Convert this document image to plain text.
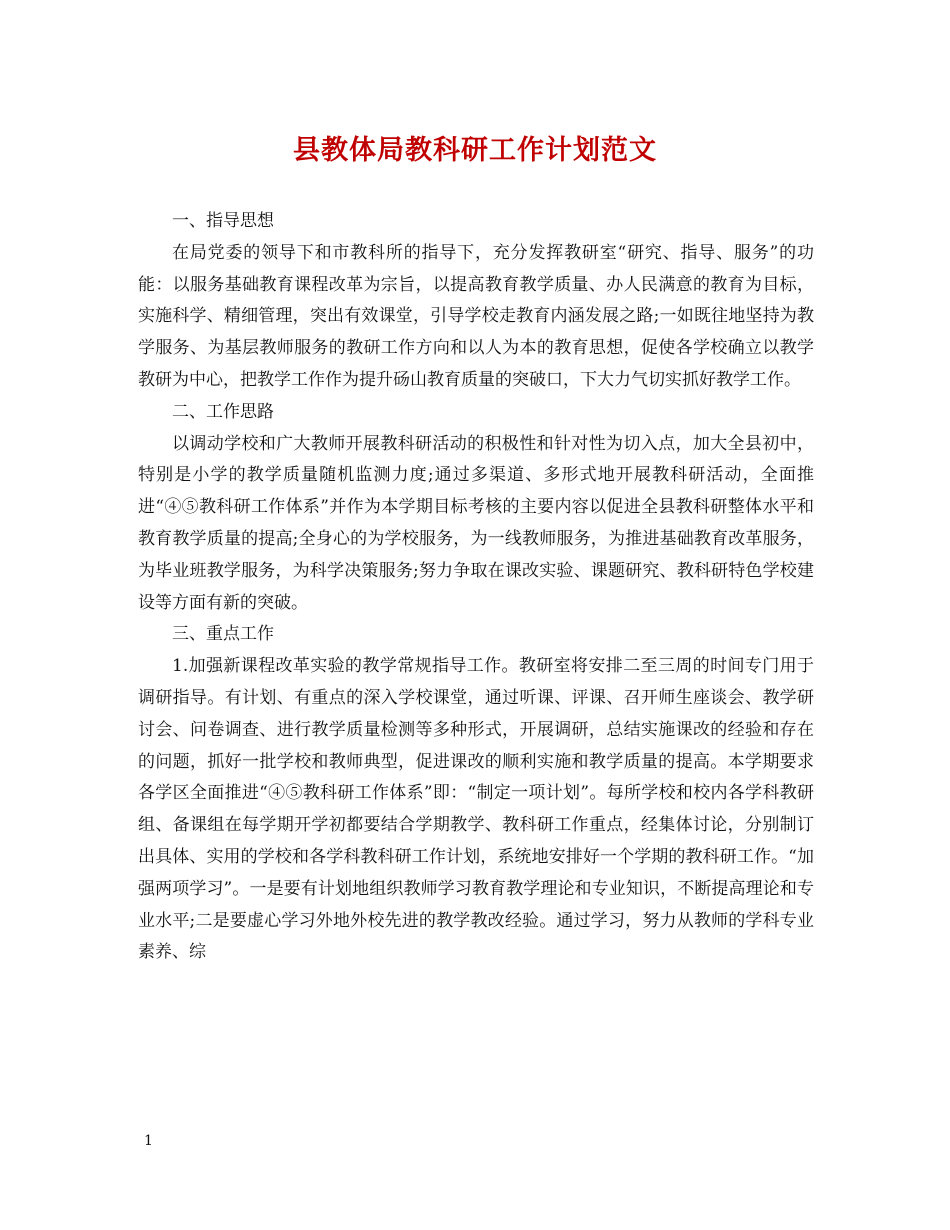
县教体局教科研工作计划范文

一、指导思想

在局党委的领导下和市教科所的指导下，充分发挥教研室“研究、指导、服务”的功能：以服务基础教育课程改革为宗旨，以提高教育教学质量、办人民满意的教育为目标，实施科学、精细管理，突出有效课堂，引导学校走教育内涵发展之路;一如既往地坚持为教学服务、为基层教师服务的教研工作方向和以人为本的教育思想，促使各学校确立以教学教研为中心，把教学工作作为提升砀山教育质量的突破口，下大力气切实抓好教学工作。

二、工作思路

以调动学校和广大教师开展教科研活动的积极性和针对性为切入点，加大全县初中，特别是小学的教学质量随机监测力度;通过多渠道、多形式地开展教科研活动，全面推进“④⑤教科研工作体系”并作为本学期目标考核的主要内容以促进全县教科研整体水平和教育教学质量的提高;全身心的为学校服务，为一线教师服务，为推进基础教育改革服务，为毕业班教学服务，为科学决策服务;努力争取在课改实验、课题研究、教科研特色学校建设等方面有新的突破。

三、重点工作

1.加强新课程改革实验的教学常规指导工作。教研室将安排二至三周的时间专门用于调研指导。有计划、有重点的深入学校课堂，通过听课、评课、召开师生座谈会、教学研讨会、问卷调查、进行教学质量检测等多种形式，开展调研，总结实施课改的经验和存在的问题，抓好一批学校和教师典型，促进课改的顺利实施和教学质量的提高。本学期要求各学区全面推进“④⑤教科研工作体系”即：“制定一项计划”。每所学校和校内各学科教研组、备课组在每学期开学初都要结合学期教学、教科研工作重点，经集体讨论，分别制订出具体、实用的学校和各学科教科研工作计划，系统地安排好一个学期的教科研工作。“加强两项学习”。一是要有计划地组织教师学习教育教学理论和专业知识，不断提高理论和专业水平;二是要虚心学习外地外校先进的教学教改经验。通过学习，努力从教师的学科专业素养、综

1
